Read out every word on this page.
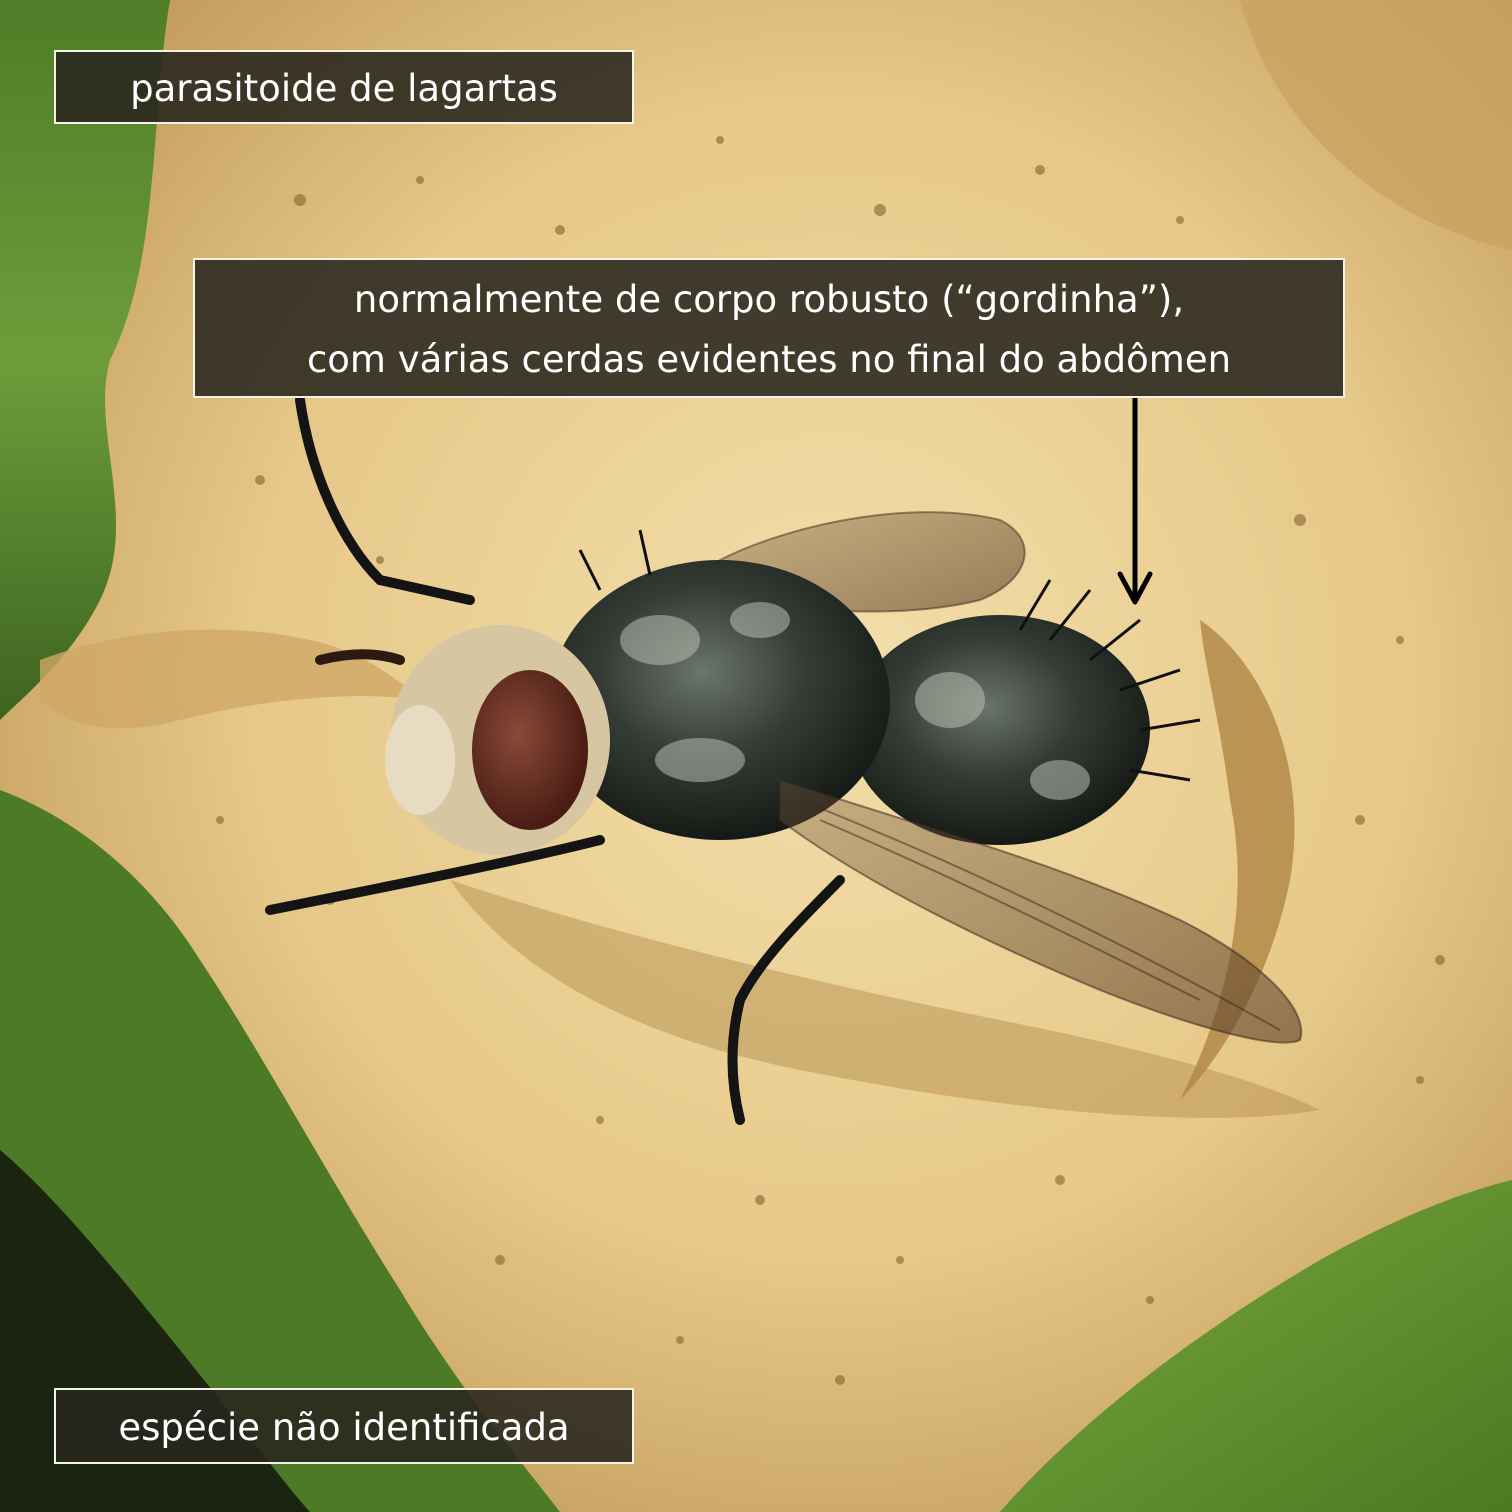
parasitoide de lagartas
normalmente de corpo robusto (“gordinha”),
com várias cerdas evidentes no final do abdômen
espécie não identificada
